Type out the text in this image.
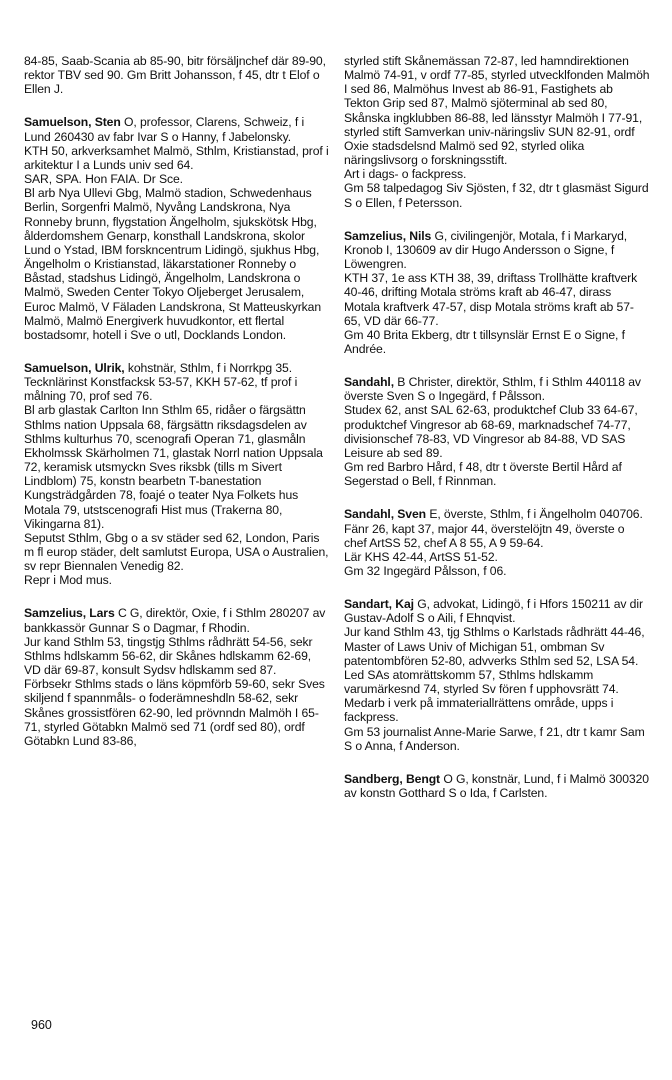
84-85, Saab-Scania ab 85-90, bitr försäljnchef där 89-90, rektor TBV sed 90. Gm Britt Johansson, f 45, dtr t Elof o Ellen J.

Samuelson, Sten O, professor, Clarens, Schweiz, f i Lund 260430 av fabr Ivar S o Hanny, f Jabelonsky.

KTH 50, arkverksamhet Malmö, Sthlm, Kristianstad, prof i arkitektur I a Lunds univ sed 64.

SAR, SPA. Hon FAIA. Dr Sce.

Bl arb Nya Ullevi Gbg, Malmö stadion, Schwedenhaus Berlin, Sorgenfri Malmö, Nyvång Landskrona, Nya Ronneby brunn, flygstation Ängelholm, sjukskötsk Hbg, ålderdomshem Genarp, konsthall Landskrona, skolor Lund o Ystad, IBM forskncentrum Lidingö, sjukhus Hbg, Ängelholm o Kristianstad, läkarstationer Ronneby o Båstad, stadshus Lidingö, Ängelholm, Landskrona o Malmö, Sweden Center Tokyo Oljeberget Jerusalem, Euroc Malmö, V Fäladen Landskrona, St Matteuskyrkan Malmö, Malmö Energiverk huvudkontor, ett flertal bostadsomr, hotell i Sve o utl, Docklands London.

Samuelson, Ulrik, kohstnär, Sthlm, f i Norrkpg 35.

Tecknlärinst Konstfacksk 53-57, KKH 57-62, tf prof i målning 70, prof sed 76.

Bl arb glastak Carlton Inn Sthlm 65, ridåer o färgsättn Sthlms nation Uppsala 68, färgsättn riksdagsdelen av Sthlms kulturhus 70, scenografi Operan 71, glasmåln Ekholmssk Skärholmen 71, glastak Norrl nation Uppsala 72, keramisk utsmyckn Sves riksbk (tills m Sivert Lindblom) 75, konstn bearbetn T-banestation Kungsträdgården 78, foajé o teater Nya Folkets hus Motala 79, utstscenografi Hist mus (Trakerna 80, Vikingarna 81).

Seputst Sthlm, Gbg o a sv städer sed 62, London, Paris m fl europ städer, delt samlutst Europa, USA o Australien, sv repr Biennalen Venedig 82.

Repr i Mod mus.

Samzelius, Lars C G, direktör, Oxie, f i Sthlm 280207 av bankkassör Gunnar S o Dagmar, f Rhodin.

Jur kand Sthlm 53, tingstjg Sthlms rådhrätt 54-56, sekr Sthlms hdlskamm 56-62, dir Skånes hdlskamm 62-69, VD där 69-87, konsult Sydsv hdlskamm sed 87.

Förbsekr Sthlms stads o läns köpmförb 59-60, sekr Sves skiljend f spannmåls- o foderämneshdln 58-62, sekr Skånes grossistfören 62-90, led prövnndn Malmöh I 65-71, styrled Götabkn Malmö sed 71 (ordf sed 80), ordf Götabkn Lund 83-86,

styrled stift Skånemässan 72-87, led hamndirektionen Malmö 74-91, v ordf 77-85, styrled utvecklfonden Malmöh I sed 86, Malmöhus Invest ab 86-91, Fastighets ab Tekton Grip sed 87, Malmö sjöterminal ab sed 80, Skånska ingklubben 86-88, led länsstyr Malmöh I 77-91, styrled stift Samverkan univ-näringsliv SUN 82-91, ordf Oxie stadsdelsnd Malmö sed 92, styrled olika näringslivsorg o forskningsstift.

Art i dags- o fackpress.

Gm 58 talpedagog Siv Sjösten, f 32, dtr t glasmäst Sigurd S o Ellen, f Petersson.

Samzelius, Nils G, civilingenjör, Motala, f i Markaryd, Kronob I, 130609 av dir Hugo Andersson o Signe, f Löwengren.

KTH 37, 1e ass KTH 38, 39, driftass Trollhätte kraftverk 40-46, drifting Motala ströms kraft ab 46-47, dirass Motala kraftverk 47-57, disp Motala ströms kraft ab 57-65, VD där 66-77.

Gm 40 Brita Ekberg, dtr t tillsynslär Ernst E o Signe, f Andrée.

Sandahl, B Christer, direktör, Sthlm, f i Sthlm 440118 av överste Sven S o Ingegärd, f Pålsson.

Studex 62, anst SAL 62-63, produktchef Club 33 64-67, produktchef Vingresor ab 68-69, marknadschef 74-77, divisionschef 78-83, VD Vingresor ab 84-88, VD SAS Leisure ab sed 89.

Gm red Barbro Hård, f 48, dtr t överste Bertil Hård af Segerstad o Bell, f Rinnman.

Sandahl, Sven E, överste, Sthlm, f i Ängelholm 040706.

Fänr 26, kapt 37, major 44, överstelöjtn 49, överste o chef ArtSS 52, chef A 8 55, A 9 59-64.

Lär KHS 42-44, ArtSS 51-52.

Gm 32 Ingegärd Pålsson, f 06.

Sandart, Kaj G, advokat, Lidingö, f i Hfors 150211 av dir Gustav-Adolf S o Aili, f Ehnqvist.

Jur kand Sthlm 43, tjg Sthlms o Karlstads rådhrätt 44-46, Master of Laws Univ of Michigan 51, ombman Sv patentombfören 52-80, advverks Sthlm sed 52, LSA 54.

Led SAs atomrättskomm 57, Sthlms hdlskamm varumärkesnd 74, styrled Sv fören f upphovsrätt 74.

Medarb i verk på immateriallrättens område, upps i fackpress.

Gm 53 journalist Anne-Marie Sarwe, f 21, dtr t kamr Sam S o Anna, f Anderson.

Sandberg, Bengt O G, konstnär, Lund, f i Malmö 300320 av konstn Gotthard S o Ida, f Carlsten.

960
